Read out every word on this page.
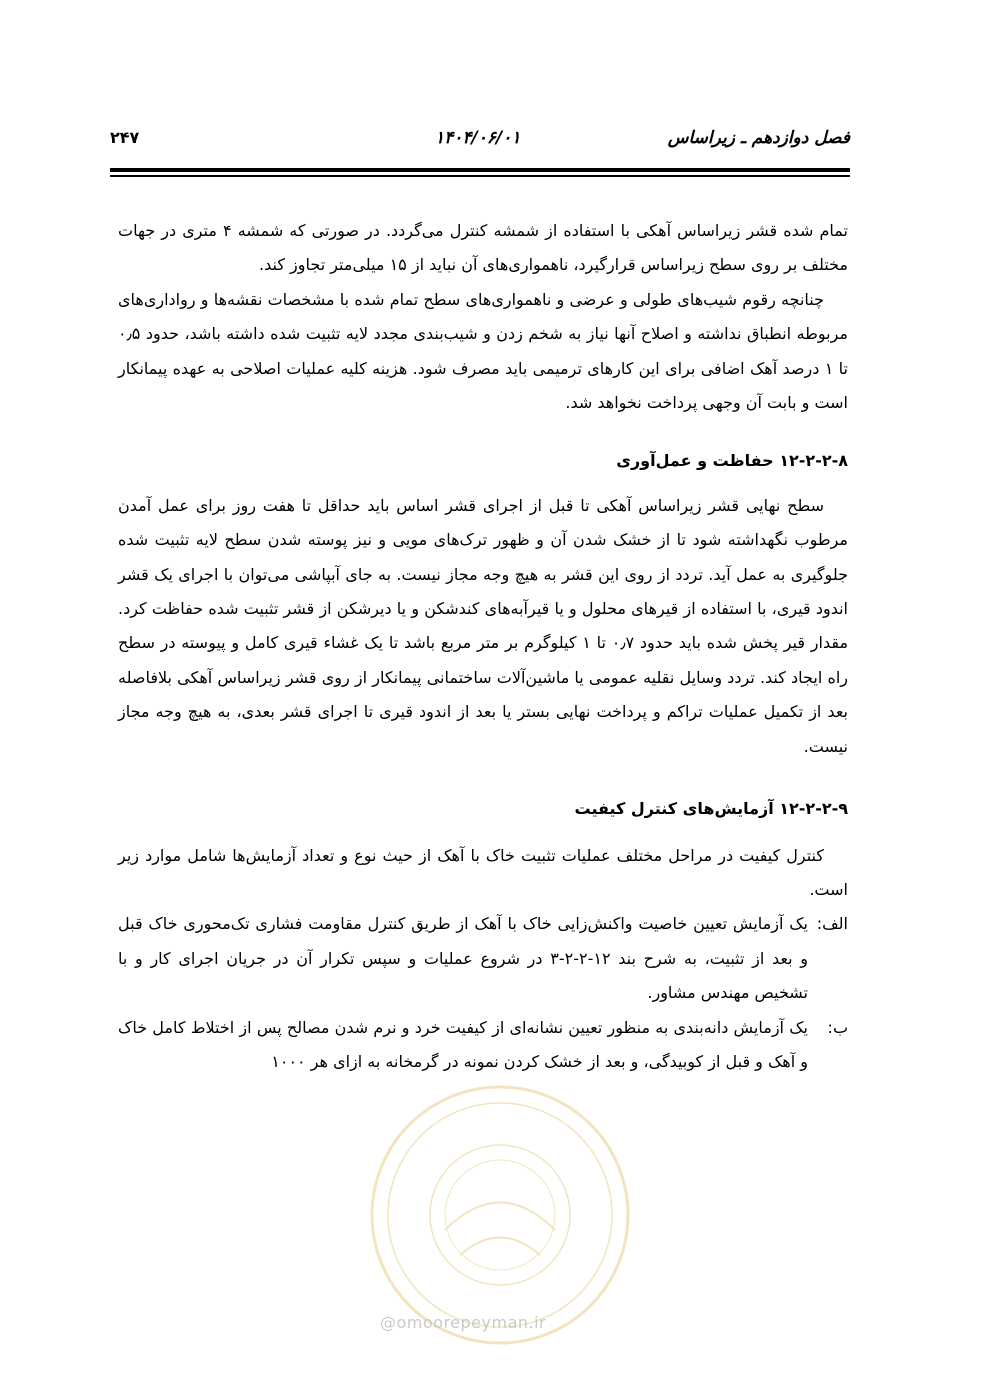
فصل دوازدهم ـ زیراساس
۱۴۰۴/۰۶/۰۱
۲۴۷

تمام شده قشر زیراساس آهکی با استفاده از شمشه کنترل می‌گردد. در صورتی که شمشه ۴ متری در جهات مختلف بر روی سطح زیراساس قرارگیرد، ناهمواری‌های آن نباید از ۱۵ میلی‌متر تجاوز کند.

چنانچه رقوم شیب‌های طولی و عرضی و ناهمواری‌های سطح تمام شده با مشخصات نقشه‌ها و رواداری‌های مربوطه انطباق نداشته و اصلاح آنها نیاز به شخم زدن و شیب‌بندی مجدد لایه تثبیت شده داشته باشد، حدود ۰٫۵ تا ۱ درصد آهک اضافی برای این کارهای ترمیمی باید مصرف شود. هزینه کلیه عملیات اصلاحی به عهده پیمانکار است و بابت آن وجهی پرداخت نخواهد شد.

۱۲-۲-۲-۸ حفاظت و عمل‌آوری

سطح نهایی قشر زیراساس آهکی تا قبل از اجرای قشر اساس باید حداقل تا هفت روز برای عمل آمدن مرطوب نگهداشته شود تا از خشک شدن آن و ظهور ترک‌های مویی و نیز پوسته شدن سطح لایه تثبیت شده جلوگیری به عمل آید. تردد از روی این قشر به هیچ وجه مجاز نیست. به جای آبپاشی می‌توان با اجرای یک قشر اندود قیری، با استفاده از قیرهای محلول و یا قیرآبه‌های کندشکن و یا دیرشکن از قشر تثبیت شده حفاظت کرد. مقدار قیر پخش شده باید حدود ۰٫۷ تا ۱ کیلوگرم بر متر مربع باشد تا یک غشاء قیری کامل و پیوسته در سطح راه ایجاد کند. تردد وسایل نقلیه عمومی یا ماشین‌آلات ساختمانی پیمانکار از روی قشر زیراساس آهکی بلافاصله بعد از تکمیل عملیات تراکم و پرداخت نهایی بستر یا بعد از اندود قیری تا اجرای قشر بعدی، به هیچ وجه مجاز نیست.

۱۲-۲-۲-۹ آزمایش‌های کنترل کیفیت

کنترل کیفیت در مراحل مختلف عملیات تثبیت خاک با آهک از حیث نوع و تعداد آزمایش‌ها شامل موارد زیر است.

الف:

یک آزمایش تعیین خاصیت واکنش‌زایی خاک با آهک از طریق کنترل مقاومت فشاری تک‌محوری خاک قبل و بعد از تثبیت، به شرح بند ۱۲-۲-۲-۳ در شروع عملیات و سپس تکرار آن در جریان اجرای کار و با تشخیص مهندس مشاور.

ب:

یک آزمایش دانه‌بندی به منظور تعیین نشانه‌ای از کیفیت خرد و نرم شدن مصالح پس از اختلاط کامل خاک و آهک و قبل از کوبیدگی، و بعد از خشک کردن نمونه در گرمخانه به ازای هر ۱۰۰۰

@omoorepeyman.ir
